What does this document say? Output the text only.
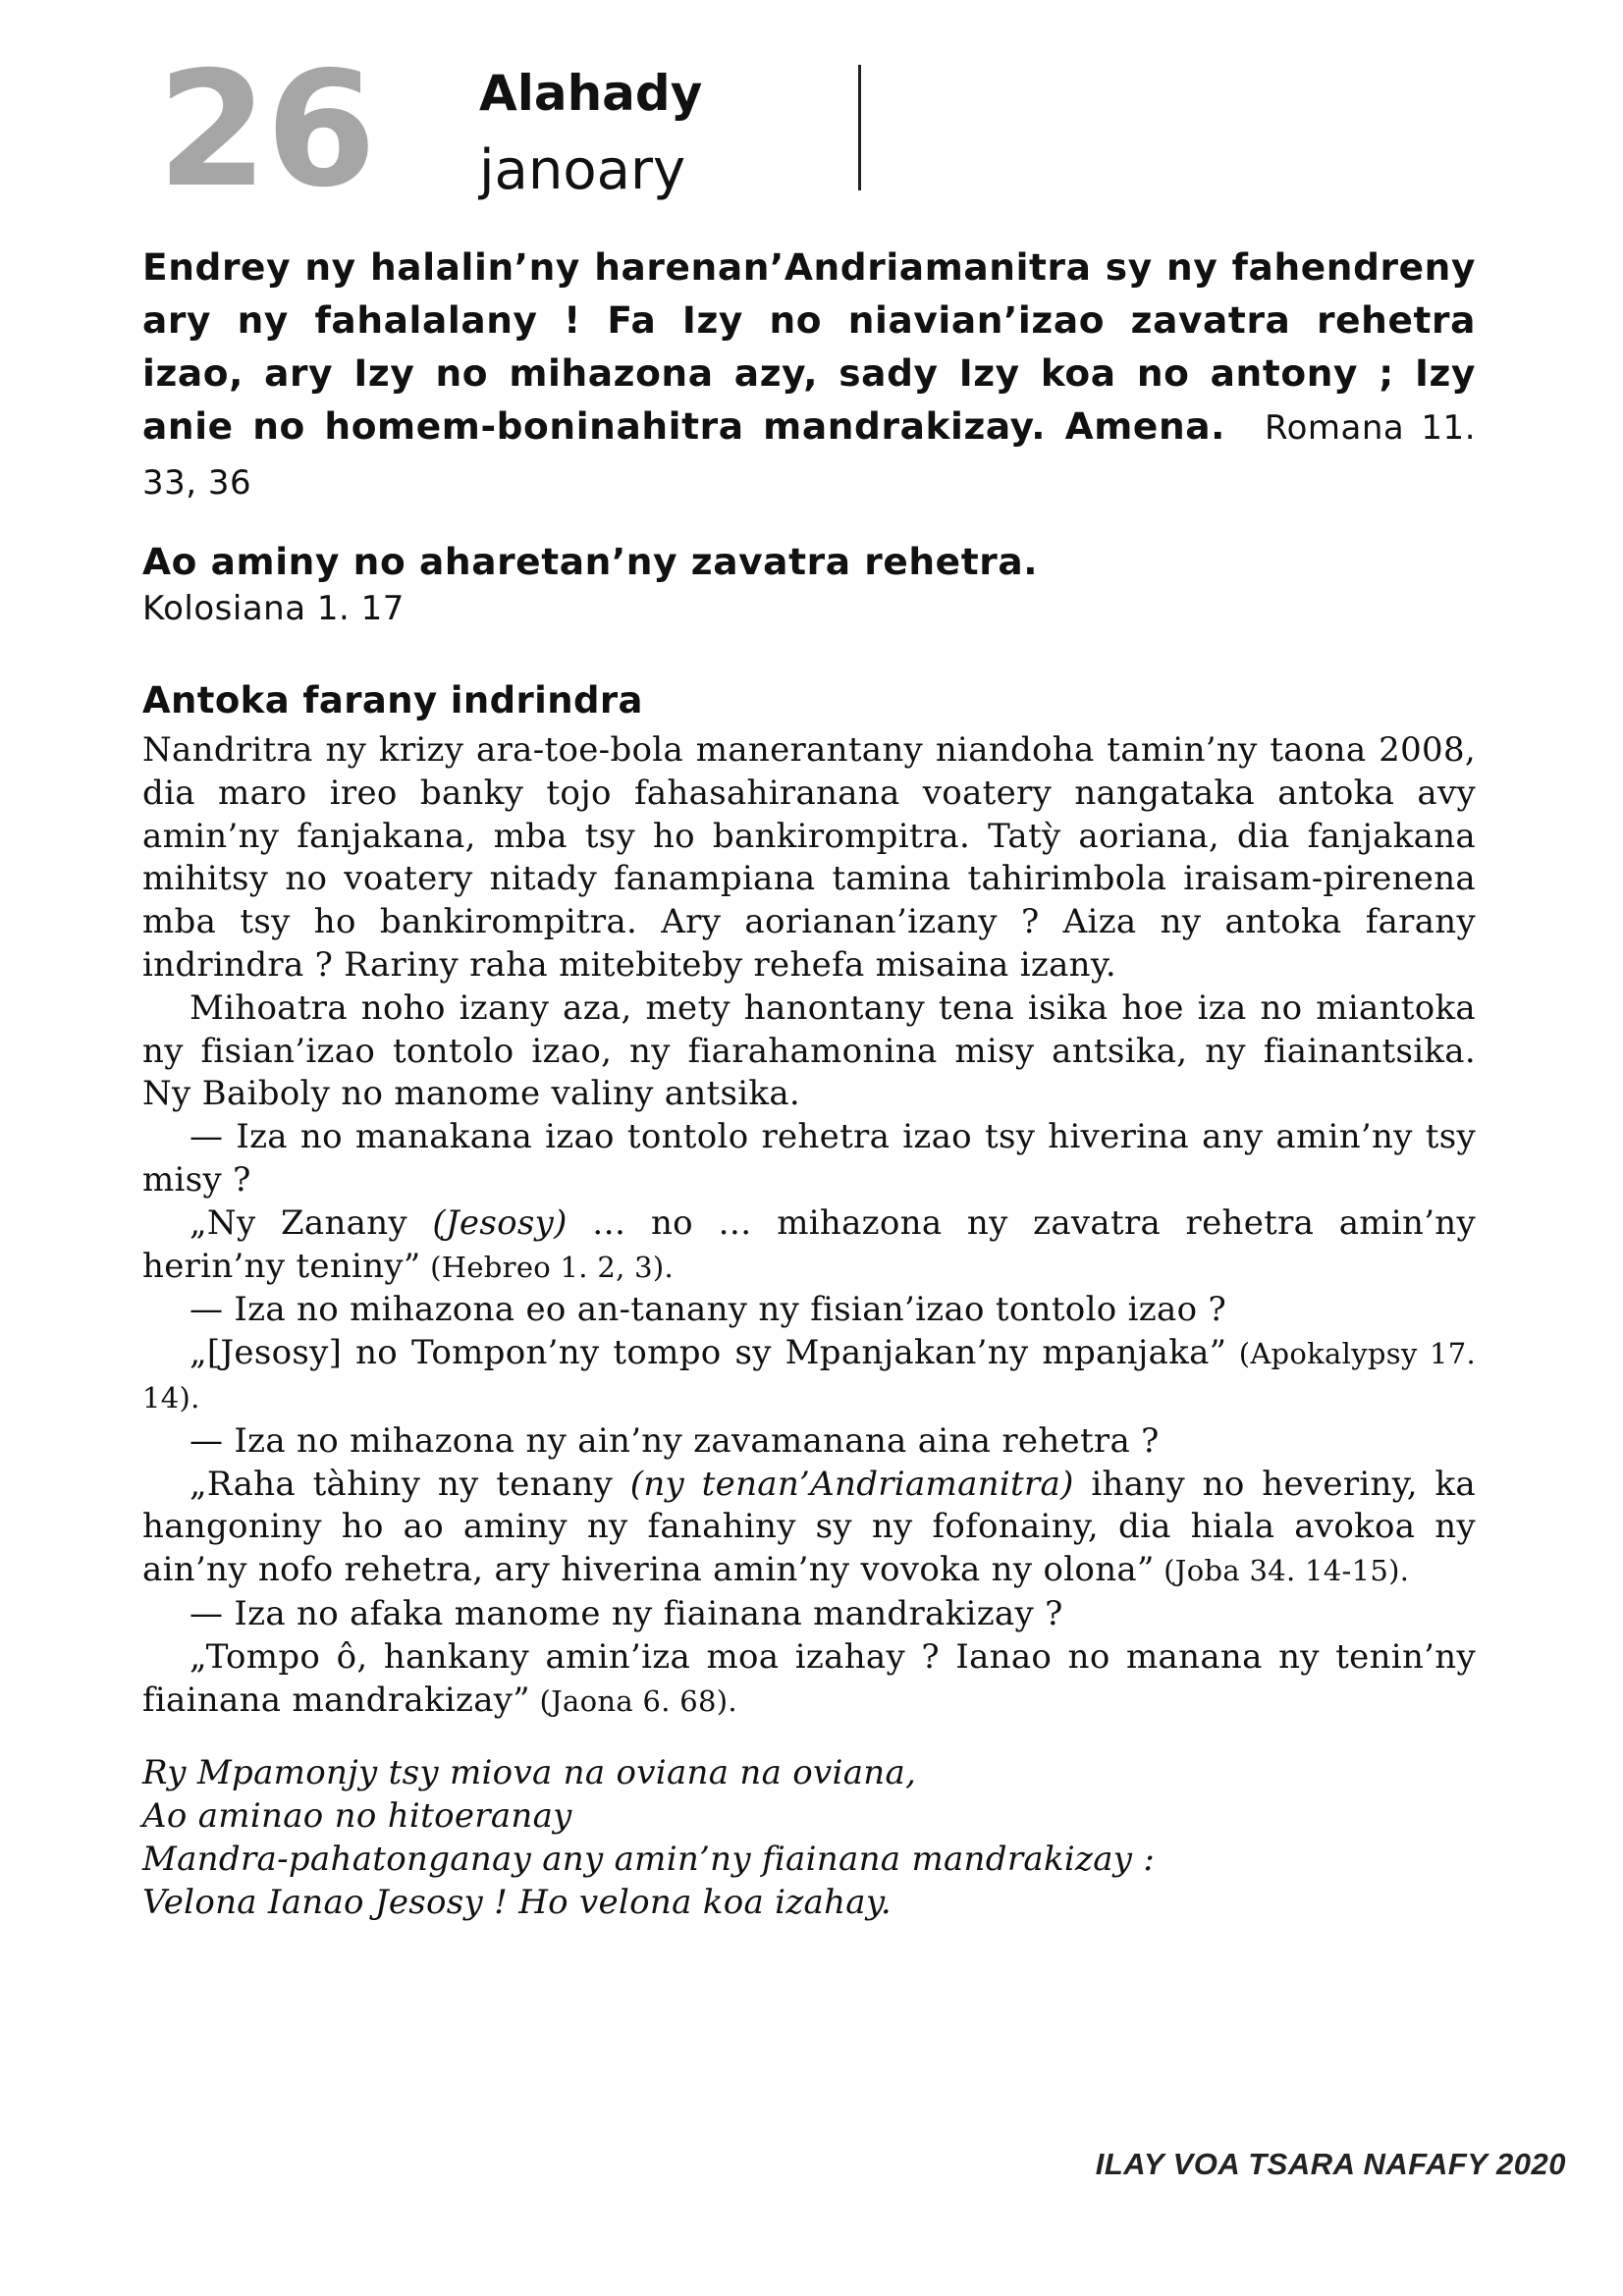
26 Alahady
janoary

Endrey ny halalin’ny harenan’Andriamanitra sy ny fahendreny ary ny fahalalany ! Fa Izy no niavian’izao zavatra rehetra izao, ary Izy no mihazona azy, sady Izy koa no antony ; Izy anie no homem-boninahitra mandrakizay. Amena. Romana 11. 33, 36

Ao aminy no aharetan’ny zavatra rehetra.

Kolosiana 1. 17

Antoka farany indrindra

Nandritra ny krizy ara-toe-bola manerantany niandoha tamin’ny taona 2008, dia maro ireo banky tojo fahasahiranana voatery nangataka antoka avy amin’ny fanjakana, mba tsy ho bankirompitra. Tatỳ aoriana, dia fanjakana mihitsy no voatery nitady fanampiana tamina tahirimbola iraisam-pirenena mba tsy ho bankirompitra. Ary aorianan’izany ? Aiza ny antoka farany indrindra ? Rariny raha mitebiteby rehefa misaina izany.

Mihoatra noho izany aza, mety hanontany tena isika hoe iza no miantoka ny fisian’izao tontolo izao, ny fiarahamonina misy antsika, ny fiainantsika. Ny Baiboly no manome valiny antsika.

— Iza no manakana izao tontolo rehetra izao tsy hiverina any amin’ny tsy misy ?

„Ny Zanany (Jesosy) … no … mihazona ny zavatra rehetra amin’ny herin’ny teniny” (Hebreo 1. 2, 3).

— Iza no mihazona eo an-tanany ny fisian’izao tontolo izao ?

„[Jesosy] no Tompon’ny tompo sy Mpanjakan’ny mpanjaka” (Apokalypsy 17. 14).

— Iza no mihazona ny ain’ny zavamanana aina rehetra ?

„Raha tàhiny ny tenany (ny tenan’Andriamanitra) ihany no heveriny, ka hangoniny ho ao aminy ny fanahiny sy ny fofonainy, dia hiala avokoa ny ain’ny nofo rehetra, ary hiverina amin’ny vovoka ny olona” (Joba 34. 14-15).

— Iza no afaka manome ny fiainana mandrakizay ?

„Tompo ô, hankany amin’iza moa izahay ? Ianao no manana ny tenin’ny fiainana mandrakizay” (Jaona 6. 68).

Ry Mpamonjy tsy miova na oviana na oviana,
Ao aminao no hitoeranay
Mandra-pahatonganay any amin’ny fiainana mandrakizay :
Velona Ianao Jesosy ! Ho velona koa izahay.
ILAY VOA TSARA NAFAFY 2020
